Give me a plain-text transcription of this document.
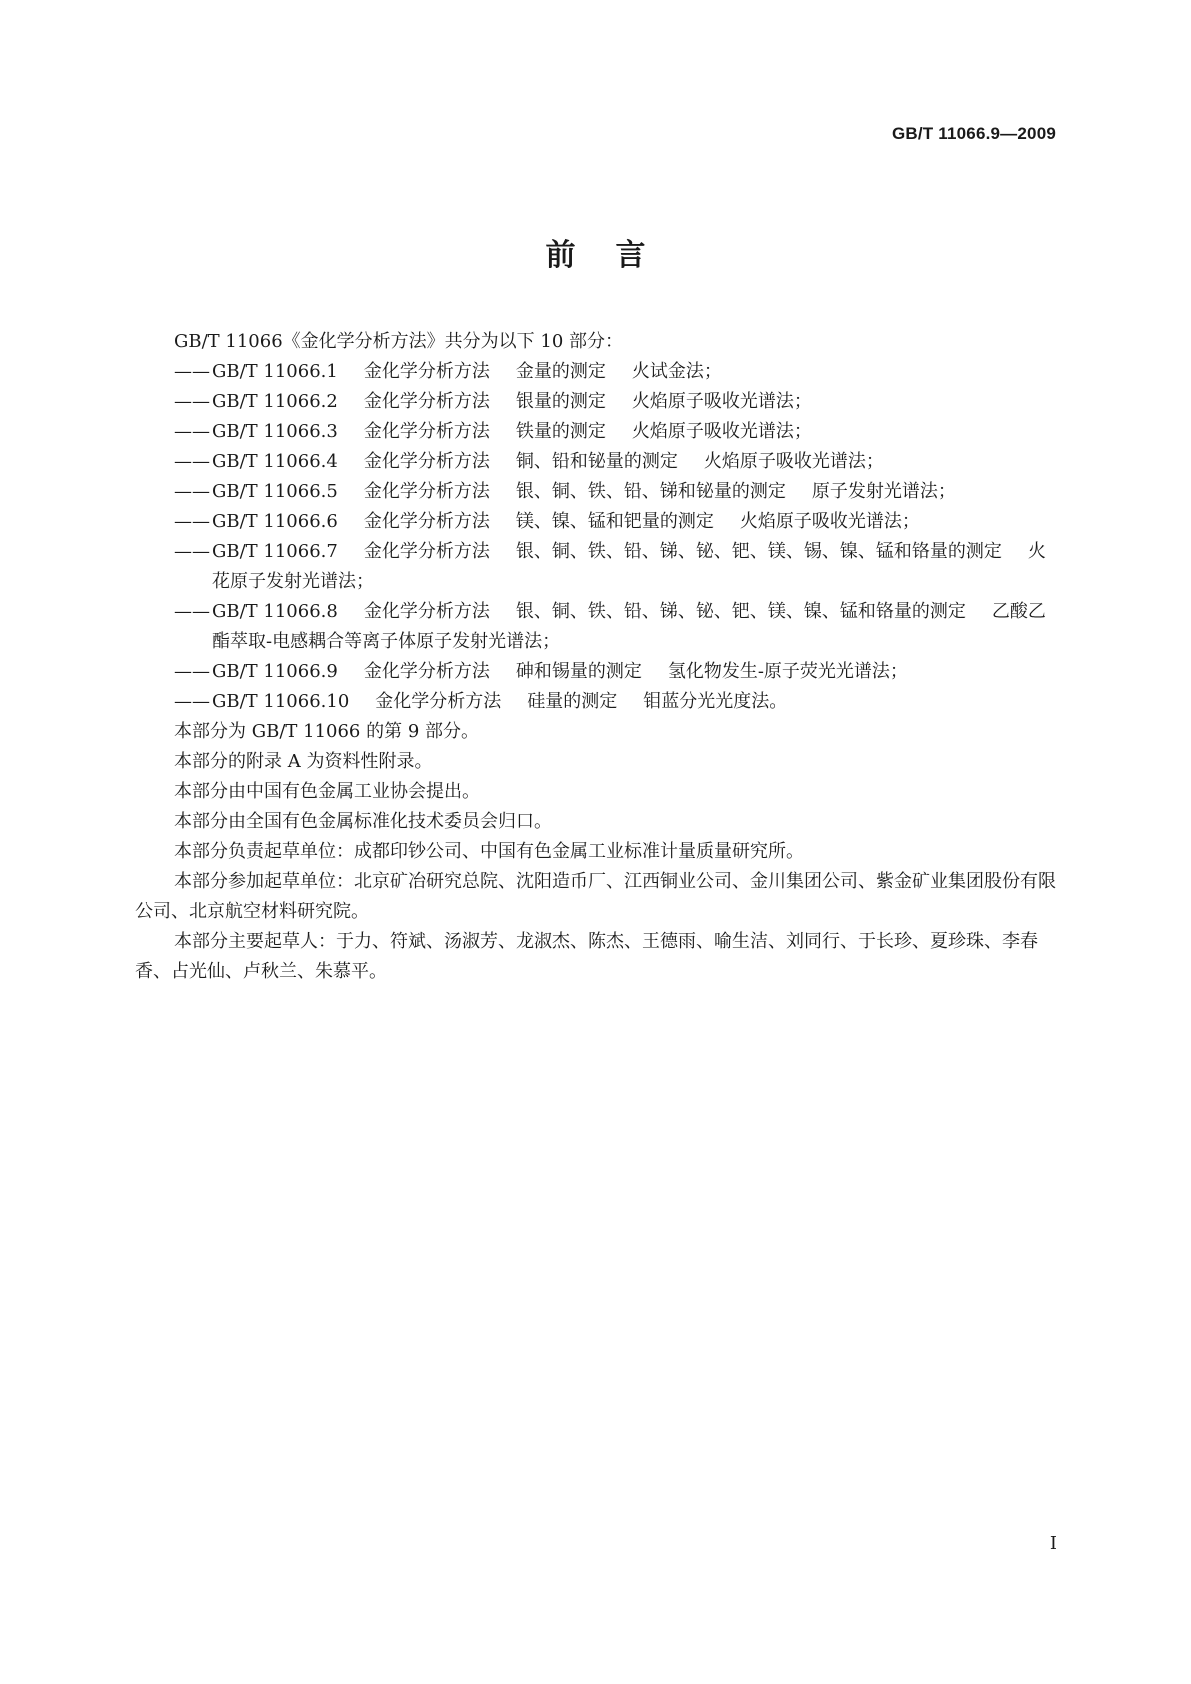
GB/T 11066.9—2009
前言

GB/T 11066《金化学分析方法》共分为以下 10 部分：

—— GB/T 11066.1 金化学分析方法 金量的测定 火试金法；

—— GB/T 11066.2 金化学分析方法 银量的测定 火焰原子吸收光谱法；

—— GB/T 11066.3 金化学分析方法 铁量的测定 火焰原子吸收光谱法；

—— GB/T 11066.4 金化学分析方法 铜、铅和铋量的测定 火焰原子吸收光谱法；

—— GB/T 11066.5 金化学分析方法 银、铜、铁、铅、锑和铋量的测定 原子发射光谱法；

—— GB/T 11066.6 金化学分析方法 镁、镍、锰和钯量的测定 火焰原子吸收光谱法；

—— GB/T 11066.7 金化学分析方法 银、铜、铁、铅、锑、铋、钯、镁、锡、镍、锰和铬量的测定 火花原子发射光谱法；

—— GB/T 11066.8 金化学分析方法 银、铜、铁、铅、锑、铋、钯、镁、镍、锰和铬量的测定 乙酸乙酯萃取-电感耦合等离子体原子发射光谱法；

—— GB/T 11066.9 金化学分析方法 砷和锡量的测定 氢化物发生-原子荧光光谱法；

—— GB/T 11066.10 金化学分析方法 硅量的测定 钼蓝分光光度法。

本部分为 GB/T 11066 的第 9 部分。

本部分的附录 A 为资料性附录。

本部分由中国有色金属工业协会提出。

本部分由全国有色金属标准化技术委员会归口。

本部分负责起草单位：成都印钞公司、中国有色金属工业标准计量质量研究所。

本部分参加起草单位：北京矿冶研究总院、沈阳造币厂、江西铜业公司、金川集团公司、紫金矿业集团股份有限公司、北京航空材料研究院。

本部分主要起草人：于力、符斌、汤淑芳、龙淑杰、陈杰、王德雨、喻生洁、刘同行、于长珍、夏珍珠、李春香、占光仙、卢秋兰、朱慕平。

I
